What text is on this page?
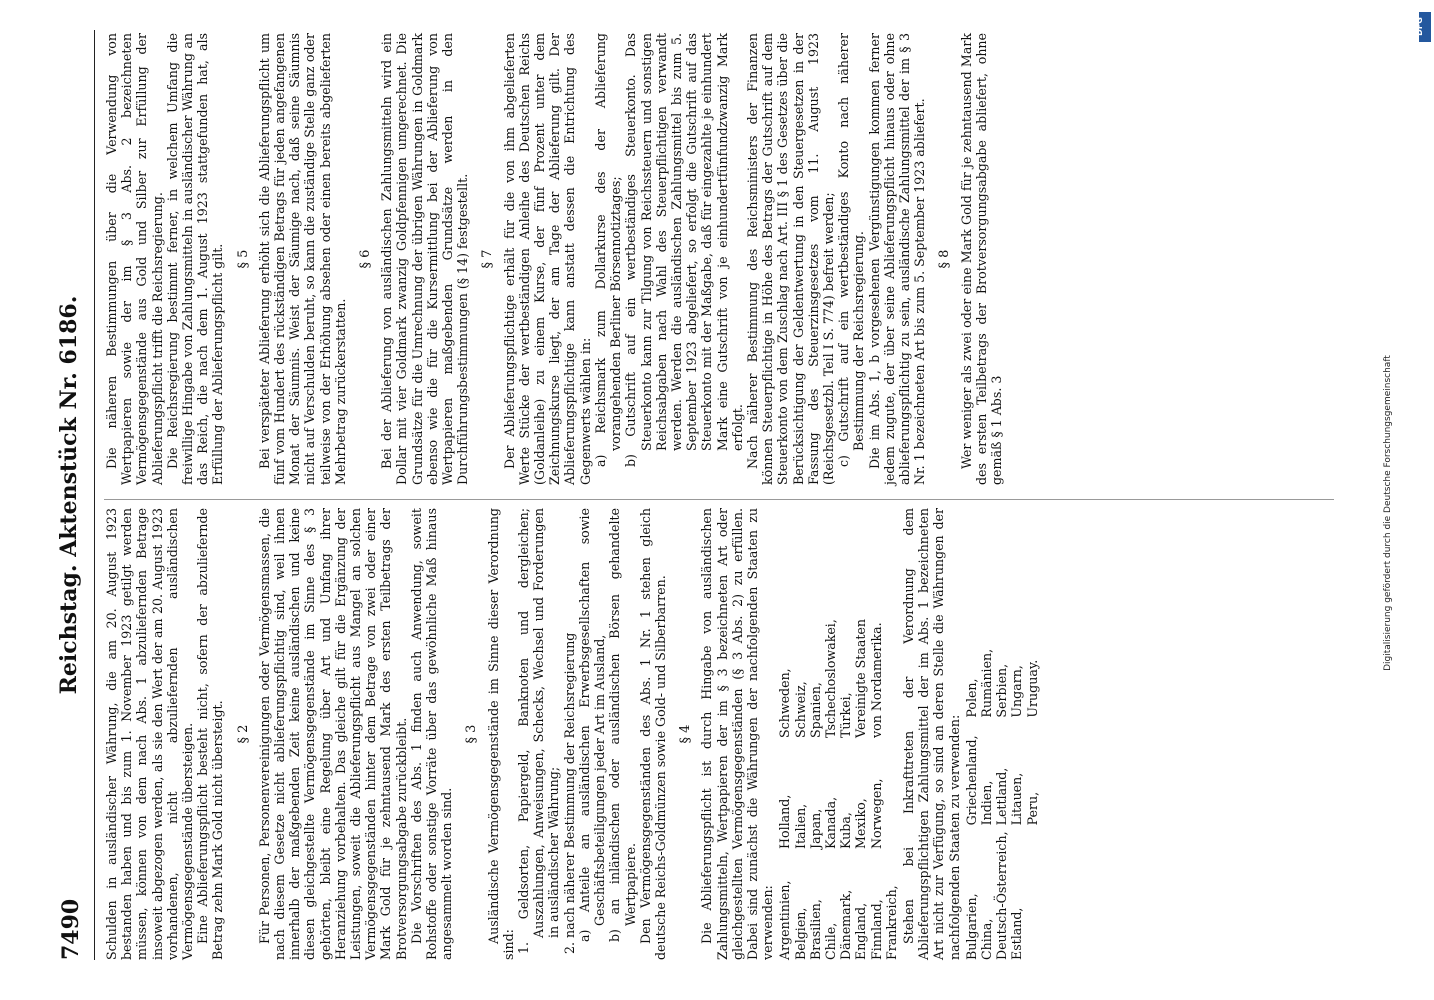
7490
Reichstag. Aktenstück Nr. 6186.

Schulden in ausländischer Währung, die am 20. August 1923 bestanden haben und bis zum 1. November 1923 getilgt werden müssen, können von dem nach Abs. 1 abzuliefernden Betrage insoweit abgezogen werden, als sie den Wert der am 20. August 1923 vorhandenen, nicht abzuliefernden ausländischen Vermögensgegenstände übersteigen. Eine Ablieferungspflicht besteht nicht, sofern der abzuliefernde Betrag zehn Mark Gold nicht übersteigt. § 2 Für Personen, Personenvereinigungen oder Vermögensmassen, die nach diesem Gesetze nicht ablieferungspflichtig sind, weil ihnen innerhalb der maßgebenden Zeit keine ausländischen und keine diesen gleichgestellte Vermögensgegenstände im Sinne des § 3 gehörten, bleibt eine Regelung über Art und Umfang ihrer Heranziehung vorbehalten. Das gleiche gilt für die Ergänzung der Leistungen, soweit die Ablieferungspflicht aus Mangel an solchen Vermögensgegenständen hinter dem Betrage von zwei oder einer Mark Gold für je zehntausend Mark des ersten Teilbetrags der Brotversorgungsabgabe zurückbleibt. Die Vorschriften des Abs. 1 finden auch Anwendung, soweit Rohstoffe oder sonstige Vorräte über das gewöhnliche Maß hinaus angesammelt worden sind.

§ 3 Ausländische Vermögensgegenstände im Sinne dieser Verordnung sind: 1. Geldsorten, Papiergeld, Banknoten und dergleichen; Auszahlungen, Anweisungen, Schecks, Wechsel und Forderungen in ausländischer Währung; 2. nach näherer Bestimmung der Reichsregierung a) Anteile an ausländischen Erwerbsgesellschaften sowie Geschäftsbeteiligungen jeder Art im Ausland, b) an inländischen oder ausländischen Börsen gehandelte Wertpapiere. Den Vermögensgegenständen des Abs. 1 Nr. 1 stehen gleich deutsche Reichs-Goldmünzen sowie Gold- und Silberbarren. § 4 Die Ablieferungspflicht ist durch Hingabe von ausländischen Zahlungsmitteln, Wertpapieren der im § 3 bezeichneten Art oder gleichgestellten Vermögensgegenständen (§ 3 Abs. 2) zu erfüllen. Dabei sind zunächst die Währungen der nachfolgenden Staaten zu verwenden: Argentinien,
Holland,
Schweden,
Belgien,
Italien,
Schweiz,
Brasilien,
Japan,
Spanien,
Chile,
Kanada,
Tschechoslowakei,
Dänemark,
Kuba,
Türkei,
England,
Mexiko,
Vereinigte Staaten
Finnland,
Norwegen,
von Nordamerika.
Frankreich, Stehen bei Inkrafttreten der Verordnung dem Ablieferungspflichtigen Zahlungsmittel der im Abs. 1 bezeichneten Art nicht zur Verfügung, so sind an deren Stelle die Währungen der nachfolgenden Staaten zu verwenden: Bulgarien,
Griechenland,
Polen,
China,
Indien,
Rumänien,
Deutsch-Österreich,
Lettland,
Serbien,
Estland,
Litauen,
Ungarn,
Peru,
Uruguay.

Die näheren Bestimmungen über die Verwendung von Wertpapieren sowie der im § 3 Abs. 2 bezeichneten Vermögensgegenstände aus Gold und Silber zur Erfüllung der Ablieferungspflicht trifft die Reichsregierung. Die Reichsregierung bestimmt ferner, in welchem Umfang die freiwillige Hingabe von Zahlungsmitteln in ausländischer Währung an das Reich, die nach dem 1. August 1923 stattgefunden hat, als Erfüllung der Ablieferungspflicht gilt. § 5 Bei verspäteter Ablieferung erhöht sich die Ablieferungspflicht um fünf vom Hundert des rückständigen Betrags für jeden angefangenen Monat der Säumnis. Weist der Säumige nach, daß seine Säumnis nicht auf Verschulden beruht, so kann die zuständige Stelle ganz oder teilweise von der Erhöhung absehen oder einen bereits abgelieferten Mehrbetrag zurückerstatten.

§ 6 Bei der Ablieferung von ausländischen Zahlungsmitteln wird ein Dollar mit vier Goldmark zwanzig Goldpfennigen umgerechnet. Die Grundsätze für die Umrechnung der übrigen Währungen in Goldmark ebenso wie die für die Kursermittlung bei der Ablieferung von Wertpapieren maßgebenden Grundsätze werden in den Durchführungsbestimmungen (§ 14) festgestellt. § 7 Der Ablieferungspflichtige erhält für die von ihm abgelieferten Werte Stücke der wertbeständigen Anleihe des Deutschen Reichs (Goldanleihe) zu einem Kurse, der fünf Prozent unter dem Zeichnungskurse liegt, der am Tage der Ablieferung gilt. Der Ablieferungspflichtige kann anstatt dessen die Entrichtung des Gegenwerts wählen in: a) Reichsmark zum Dollarkurse des der Ablieferung vorangehenden Berliner Börsennotiztages; b) Gutschrift auf ein wertbeständiges Steuerkonto. Das Steuerkonto kann zur Tilgung von Reichssteuern und sonstigen Reichsabgaben nach Wahl des Steuerpflichtigen verwandt werden. Werden die ausländischen Zahlungsmittel bis zum 5. September 1923 abgeliefert, so erfolgt die Gutschrift auf das Steuerkonto mit der Maßgabe, daß für eingezahlte je einhundert Mark eine Gutschrift von je einhundertfünfundzwanzig Mark erfolgt. Nach näherer Bestimmung des Reichsministers der Finanzen können Steuerpflichtige in Höhe des Betrags der Gutschrift auf dem Steuerkonto von dem Zuschlag nach Art. III § 1 des Gesetzes über die Berücksichtigung der Geldentwertung in den Steuergesetzen in der Fassung des Steuerzinsgesetzes vom 11. August 1923 (Reichsgesetzbl. Teil I S. 774) befreit werden; c) Gutschrift auf ein wertbeständiges Konto nach näherer Bestimmung der Reichsregierung. Die im Abs. 1, b vorgesehenen Vergünstigungen kommen ferner jedem zugute, der über seine Ablieferungspflicht hinaus oder ohne ablieferungspflichtig zu sein, ausländische Zahlungsmittel der im § 3 Nr. 1 bezeichneten Art bis zum 5. September 1923 abliefert. § 8 Wer weniger als zwei oder eine Mark Gold für je zehntausend Mark des ersten Teilbetrags der Brotversorgungsabgabe abliefert, ohne gemäß § 1 Abs. 3

DFG
Digitalisierung gefördert durch die Deutsche Forschungsgemeinschaft
